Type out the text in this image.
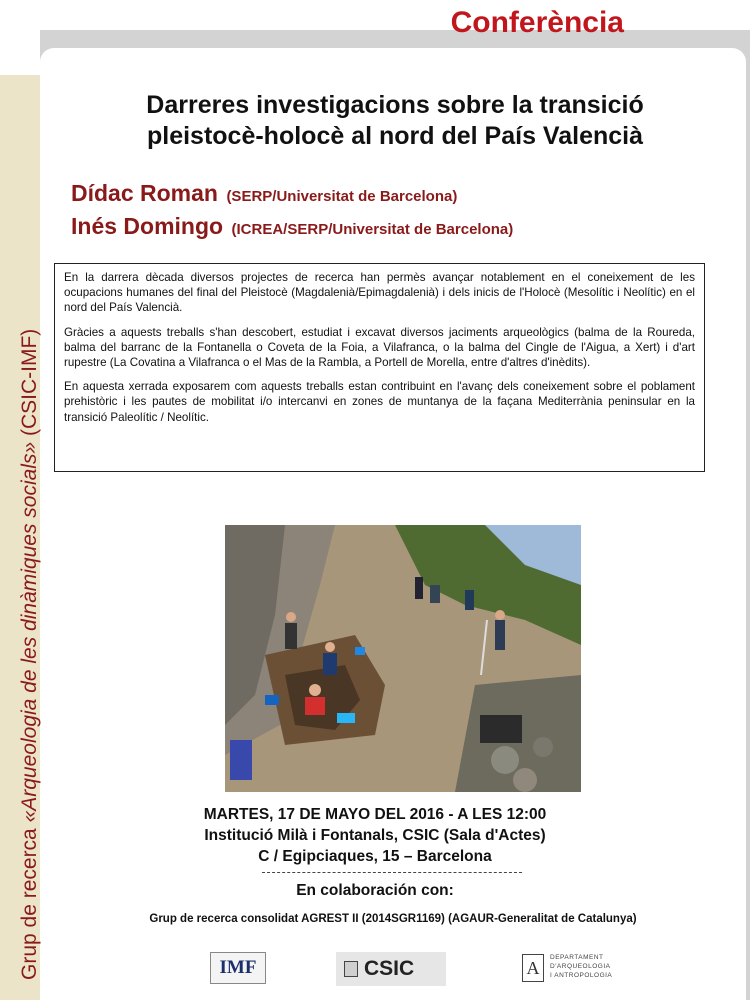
Conferència
Grup de recerca «Arqueologia de les dinàmiques socials» (CSIC-IMF)
Darreres investigacions sobre la transició
pleistocè-holocè al nord del País Valencià
Dídac Roman (SERP/Universitat de Barcelona)
Inés Domingo (ICREA/SERP/Universitat de Barcelona)

En la darrera dècada diversos projectes de recerca han permès avançar notablement en el coneixement de les ocupacions humanes del final del Pleistocè (Magdalenià/Epimagdalenià) i dels inicis de l'Holocè (Mesolític i Neolític) en el nord del País Valencià.

Gràcies a aquests treballs s'han descobert, estudiat i excavat diversos jaciments arqueològics (balma de la Roureda, balma del barranc de la Fontanella o Coveta de la Foia, a Vilafranca, o la balma del Cingle de l'Aigua, a Xert) i d'art rupestre (La Covatina a Vilafranca o el Mas de la Rambla, a Portell de Morella, entre d'altres d'inèdits).

En aquesta xerrada exposarem com aquests treballs estan contribuint en l'avanç dels coneixement sobre el poblament prehistòric i les pautes de mobilitat i/o intercanvi en zones de muntanya de la façana Mediterrània peninsular en la transició Paleolític / Neolític.

MARTES, 17 DE MAYO DEL 2016 - A LES 12:00
Institució Milà i Fontanals, CSIC (Sala d'Actes)
C / Egipciaques, 15 – Barcelona
En colaboración con:
Grup de recerca consolidat AGREST II (2014SGR1169) (AGAUR-Generalitat de Catalunya)
IMF	CSIC	A
DEPARTAMENT
D'ARQUEOLOGIA
I ANTROPOLOGIA
